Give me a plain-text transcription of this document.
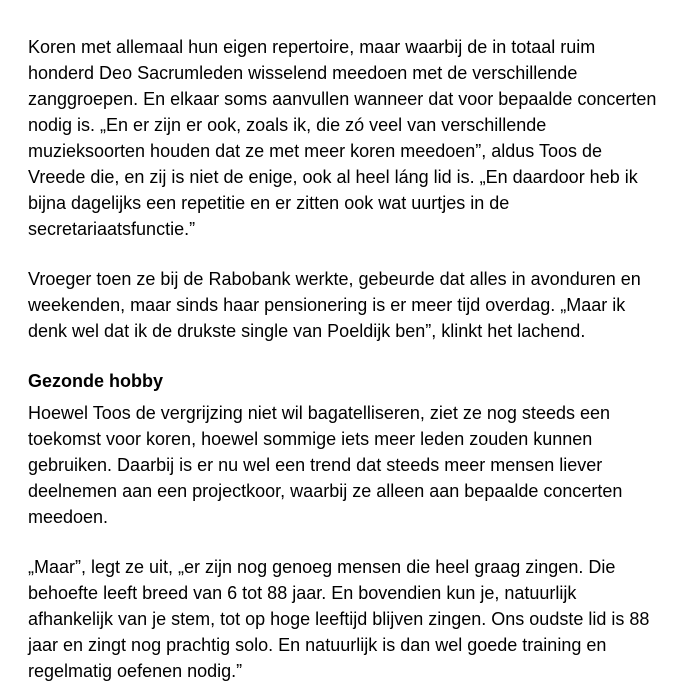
Koren met allemaal hun eigen repertoire, maar waarbij de in totaal ruim honderd Deo Sacrumleden wisselend meedoen met de verschillende zanggroepen. En elkaar soms aanvullen wanneer dat voor bepaalde concerten nodig is. „En er zijn er ook, zoals ik, die zó veel van verschillende muzieksoorten houden dat ze met meer koren meedoen”, aldus Toos de Vreede die, en zij is niet de enige, ook al heel láng lid is. „En daardoor heb ik bijna dagelijks een repetitie en er zitten ook wat uurtjes in de secretariaatsfunctie.”

Vroeger toen ze bij de Rabobank werkte, gebeurde dat alles in avonduren en weekenden, maar sinds haar pensionering is er meer tijd overdag. „Maar ik denk wel dat ik de drukste single van Poeldijk ben”, klinkt het lachend.

Gezonde hobby

Hoewel Toos de vergrijzing niet wil bagatelliseren, ziet ze nog steeds een toekomst voor koren, hoewel sommige iets meer leden zouden kunnen gebruiken. Daarbij is er nu wel een trend dat steeds meer mensen liever deelnemen aan een projectkoor, waarbij ze alleen aan bepaalde concerten meedoen.

„Maar”, legt ze uit, „er zijn nog genoeg mensen die heel graag zingen. Die behoefte leeft breed van 6 tot 88 jaar. En bovendien kun je, natuurlijk afhankelijk van je stem, tot op hoge leeftijd blijven zingen. Ons oudste lid is 88 jaar en zingt nog prachtig solo. En natuurlijk is dan wel goede training en regelmatig oefenen nodig.”
